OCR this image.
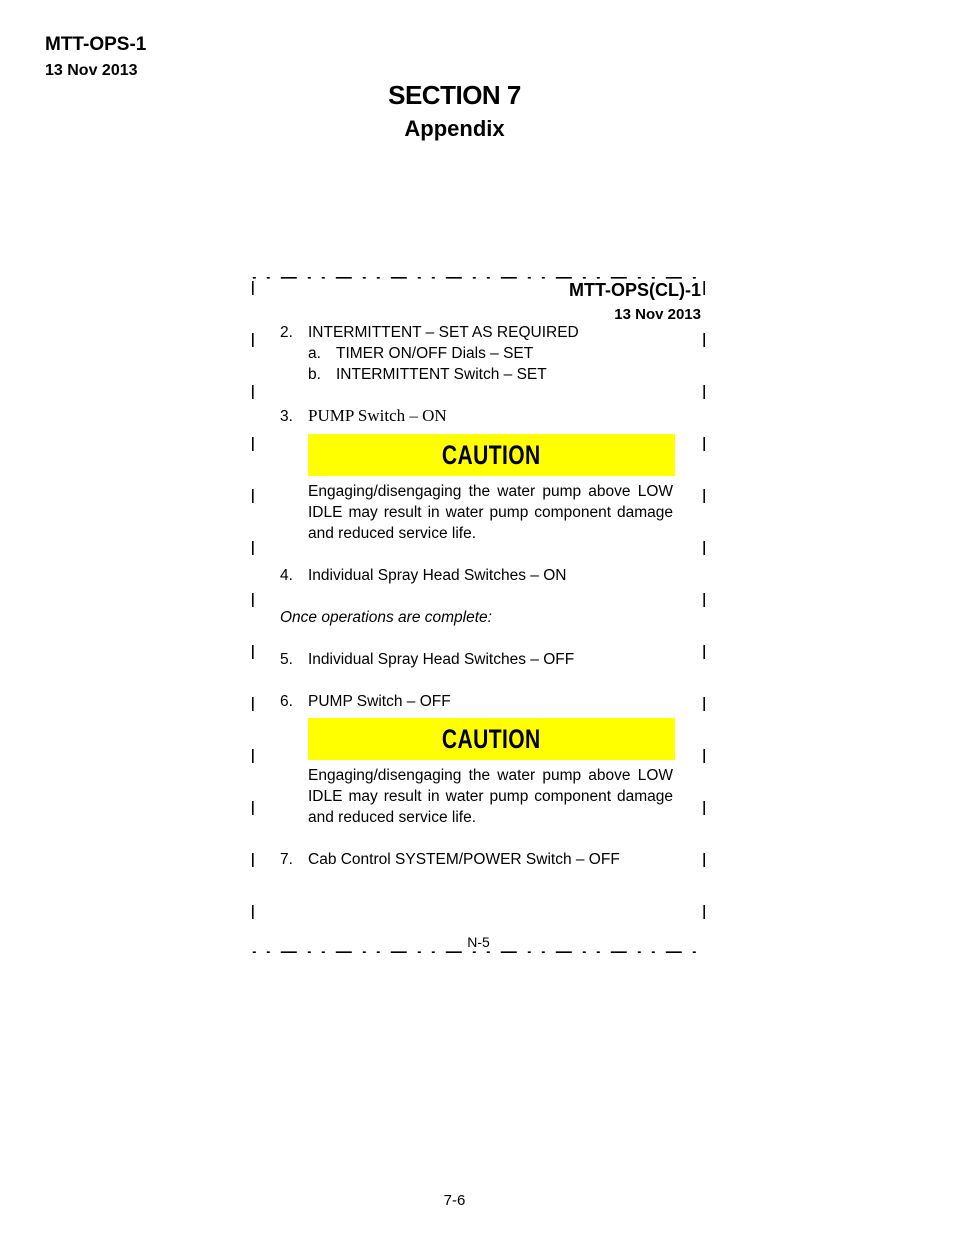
MTT-OPS-1
13 Nov 2013
SECTION 7
Appendix
MTT-OPS(CL)-1
13 Nov 2013
2. INTERMITTENT – SET AS REQUIRED
a. TIMER ON/OFF Dials – SET
b. INTERMITTENT Switch – SET
3. PUMP Switch – ON
CAUTION
Engaging/disengaging the water pump above LOW IDLE may result in water pump component damage and reduced service life.
4. Individual Spray Head Switches – ON
Once operations are complete:
5. Individual Spray Head Switches – OFF
6. PUMP Switch – OFF
CAUTION
Engaging/disengaging the water pump above LOW IDLE may result in water pump component damage and reduced service life.
7. Cab Control SYSTEM/POWER Switch – OFF
N-5
7-6
